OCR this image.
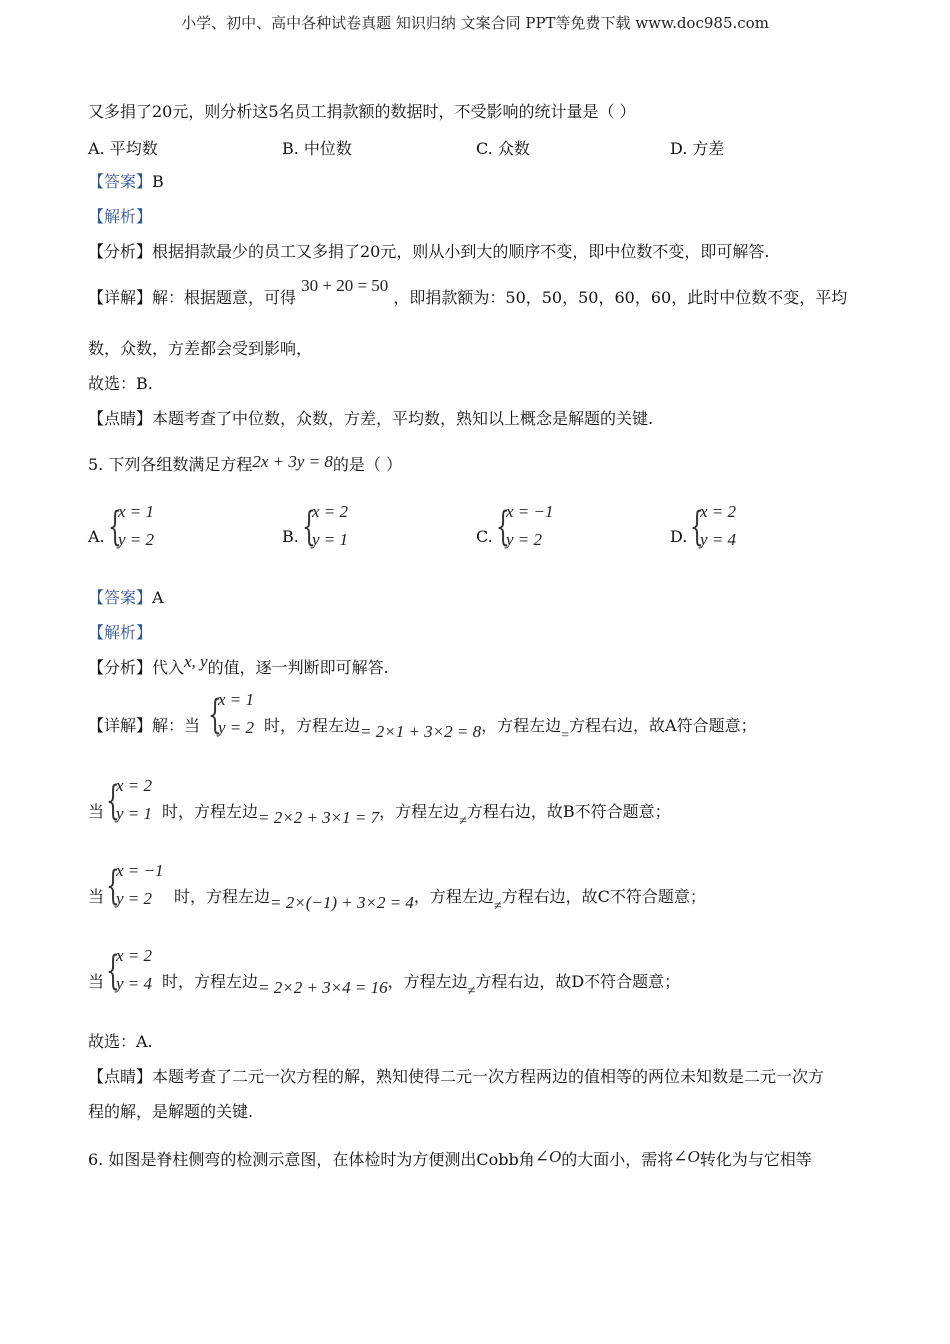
小学、初中、高中各种试卷真题 知识归纳 文案合同 PPT等免费下载 www.doc985.com
又多捐了20元，则分析这5名员工捐款额的数据时，不受影响的统计量是（ ）
A. 平均数	B. 中位数	C. 众数	D. 方差
【答案】B
【解析】
【分析】根据捐款最少的员工又多捐了20元，则从小到大的顺序不变，即中位数不变，即可解答.
【详解】解：根据题意，可得 30 + 20 = 50 ，即捐款额为：50，50，50，60，60，此时中位数不变，平均
数，众数，方差都会受到影响，
故选：B.
【点睛】本题考查了中位数，众数，方差，平均数，熟知以上概念是解题的关键.
5. 下列各组数满足方程2x + 3y = 8的是（ ）
A. {
x = 1
y = 2	B. {
x = 2
y = 1	C. {
x = −1
y = 2	D. {
x = 2
y = 4
【答案】A
【解析】
【分析】代入x, y的值，逐一判断即可解答.
【详解】解：当 {
x = 1
y = 2 时，方程左边= 2×1 + 3×2 = 8，方程左边=方程右边，故A符合题意；
当 {
x = 2
y = 1 时，方程左边= 2×2 + 3×1 = 7，方程左边≠方程右边，故B不符合题意；
当 {
x = −1
y = 2 时，方程左边= 2×(−1) + 3×2 = 4，方程左边≠方程右边，故C不符合题意；
当 {
x = 2
y = 4 时，方程左边= 2×2 + 3×4 = 16，方程左边≠方程右边，故D不符合题意；
故选：A.
【点睛】本题考查了二元一次方程的解，熟知使得二元一次方程两边的值相等的两位未知数是二元一次方
程的解，是解题的关键.
6. 如图是脊柱侧弯的检测示意图，在体检时为方便测出Cobb角∠O的大面小，需将∠O转化为与它相等
